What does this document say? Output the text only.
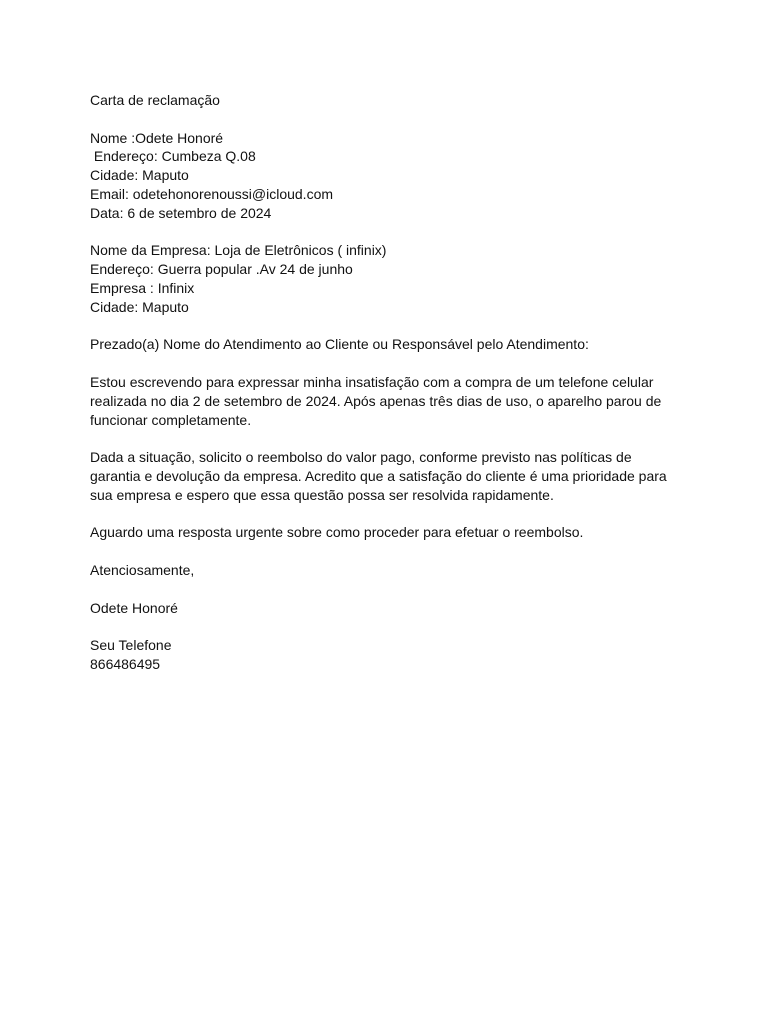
Carta de reclamação
Nome :Odete Honoré
Endereço: Cumbeza Q.08
Cidade: Maputo
Email: odetehonorenoussi@icloud.com
Data: 6 de setembro de 2024
Nome da Empresa: Loja de Eletrônicos ( infinix)
Endereço: Guerra popular .Av 24 de junho
Empresa : Infinix
Cidade: Maputo
Prezado(a) Nome do Atendimento ao Cliente ou Responsável pelo Atendimento:
Estou escrevendo para expressar minha insatisfação com a compra de um telefone celular
realizada no dia 2 de setembro de 2024. Após apenas três dias de uso, o aparelho parou de
funcionar completamente.
Dada a situação, solicito o reembolso do valor pago, conforme previsto nas políticas de
garantia e devolução da empresa. Acredito que a satisfação do cliente é uma prioridade para
sua empresa e espero que essa questão possa ser resolvida rapidamente.
Aguardo uma resposta urgente sobre como proceder para efetuar o reembolso.
Atenciosamente,
Odete Honoré
Seu Telefone
866486495
